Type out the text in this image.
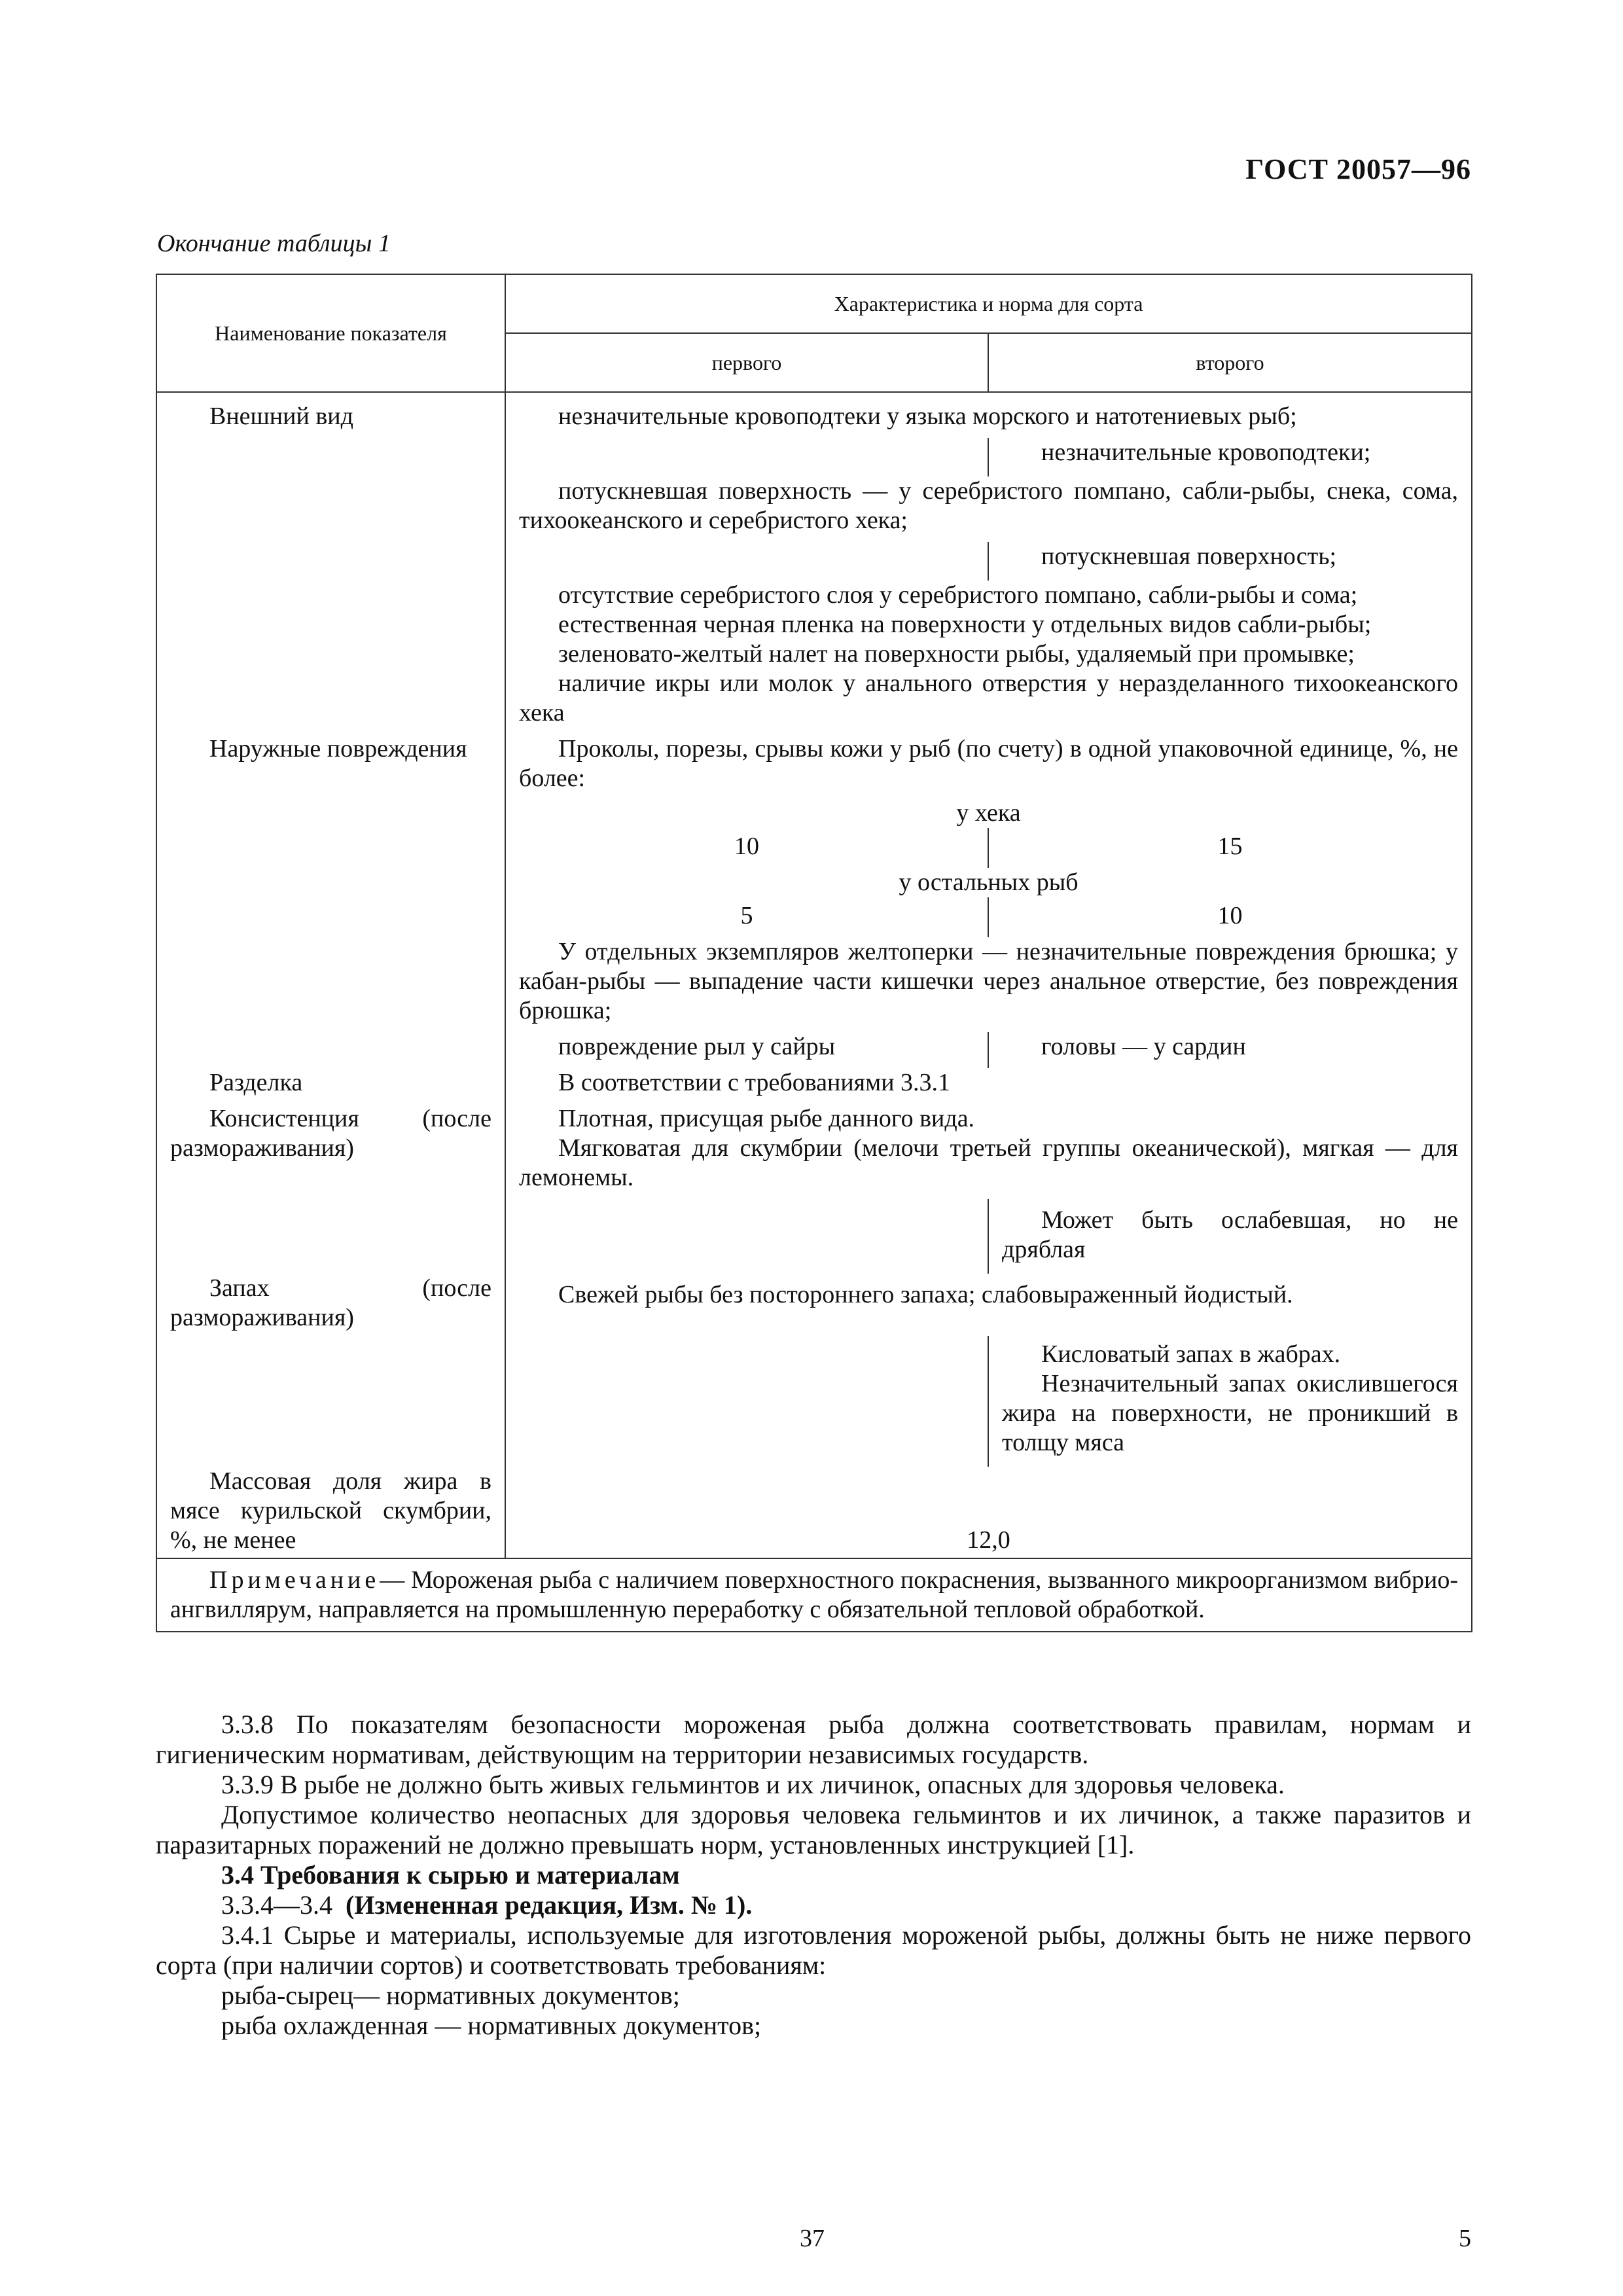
ГОСТ 20057—96
Окончание таблицы 1
Наименование показателя	Характеристика и норма для сорта	
	первого	второго

Внешний вид	незначительные кровоподтеки у языка морского и натотениевых рыб;	
		незначительные кровоподтеки;
	потускневшая поверхность — у серебристого помпано, сабли-рыбы, снека, сома, тихоокеанского и серебристого хека;	
		потускневшая поверхность;

	отсутствие серебристого слоя у серебристого помпано, сабли-рыбы и сома;
естественная черная пленка на поверхности у отдельных видов сабли-рыбы;
зеленовато-желтый налет на поверхности рыбы, удаляемый при промывке;
наличие икры или молок у анального отверстия у неразделанного тихоокеанского хека	

Наружные повреждения	Проколы, порезы, срывы кожи у рыб (по счету) в одной упаковочной единице, %, не более:	
	у хека	
	10	15
	у остальных рыб	
	5	10
	У отдельных экземпляров желтоперки — незначительные повреждения брюшка; у кабан-рыбы — выпадение части кишечки через анальное отверстие, без повреждения брюшка;	
	повреждение рыл у сайры	головы — у сардин
Разделка	В соответствии с требованиями 3.3.1	
Консистенция (после размораживания)	Плотная, присущая рыбе данного вида.
Мягковатая для скумбрии (мелочи третьей группы океанической), мягкая — для лемонемы.	

		Может быть ослабевшая, но не дряблая
Запах (после размораживания)	Свежей рыбы без постороннего запаха; слабовыраженный йодистый.	

		Кисловатый запах в жабрах.
Незначительный запах окислившегося жира на поверхности, не проникший в толщу мяса

Массовая доля жира в мясе курильской скумбрии, %, не менее	12,0	
Примечание— Мороженая рыба с наличием поверхностного покраснения, вызванного микроорганизмом вибрио-ангвиллярум, направляется на промышленную переработку с обязательной тепловой обработкой.		

3.3.8 По показателям безопасности мороженая рыба должна соответствовать правилам, нормам и гигиеническим нормативам, действующим на территории независимых государств.

3.3.9 В рыбе не должно быть живых гельминтов и их личинок, опасных для здоровья человека.

Допустимое количество неопасных для здоровья человека гельминтов и их личинок, а также паразитов и паразитарных поражений не должно превышать норм, установленных инструкцией [1].

3.4 Требования к сырью и материалам

3.3.4—3.4 (Измененная редакция, Изм. № 1).

3.4.1 Сырье и материалы, используемые для изготовления мороженой рыбы, должны быть не ниже первого сорта (при наличии сортов) и соответствовать требованиям:

рыба-сырец— нормативных документов;

рыба охлажденная — нормативных документов;

37	5
